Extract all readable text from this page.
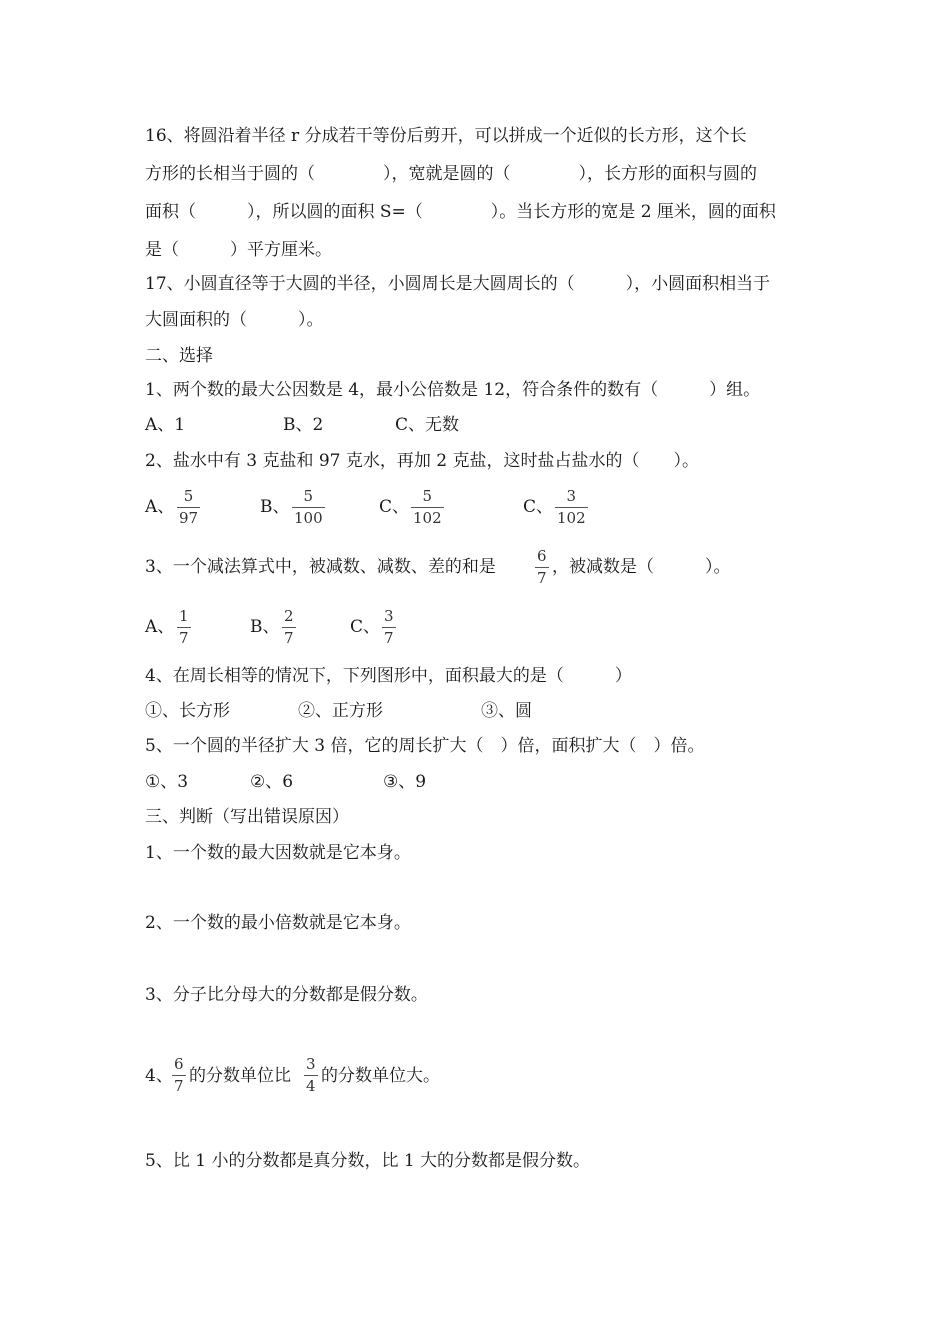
16、将圆沿着半径 r 分成若干等份后剪开，可以拼成一个近似的长方形，这个长
方形的长相当于圆的（　　　　），宽就是圆的（　　　　），长方形的面积与圆的
面积（　　　），所以圆的面积 S=（　　　　）。当长方形的宽是 2 厘米，圆的面积
是（　　　）平方厘米。
17、小圆直径等于大圆的半径，小圆周长是大圆周长的（　　　），小圆面积相当于
大圆面积的（　　　）。
二、选择
1、两个数的最大公因数是 4，最小公倍数是 12，符合条件的数有（　　　）组。
A、1	B、2	C、无数
2、盐水中有 3 克盐和 97 克水，再加 2 克盐，这时盐占盐水的（　　）。
A、
5
97
B、
5
100
C、
5
102
C、
3
102
3、一个减法算式中，被减数、减数、差的和是
6
7
，被减数是（　　　）。
A、
1
7
B、
2
7
C、
3
7
4、在周长相等的情况下，下列图形中，面积最大的是（　　　）
①、长方形	②、正方形	③、圆
5、一个圆的半径扩大 3 倍，它的周长扩大（　）倍，面积扩大（　）倍。
①、3	②、6	③、9
三、判断（写出错误原因）
1、一个数的最大因数就是它本身。
2、一个数的最小倍数就是它本身。
3、分子比分母大的分数都是假分数。
4、
6
7 的分数单位比
3
4 的分数单位大。
5、比 1 小的分数都是真分数，比 1 大的分数都是假分数。
